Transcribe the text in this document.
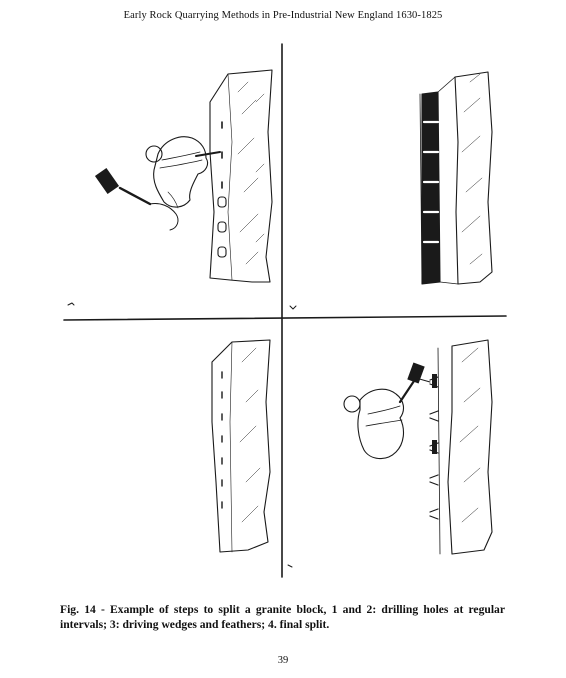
Early Rock Quarrying Methods in Pre-Industrial New England 1630-1825
Fig. 14 - Example of steps to split a granite block, 1 and 2: drilling holes at regular intervals; 3: driving wedges and feathers; 4. final split.
39
